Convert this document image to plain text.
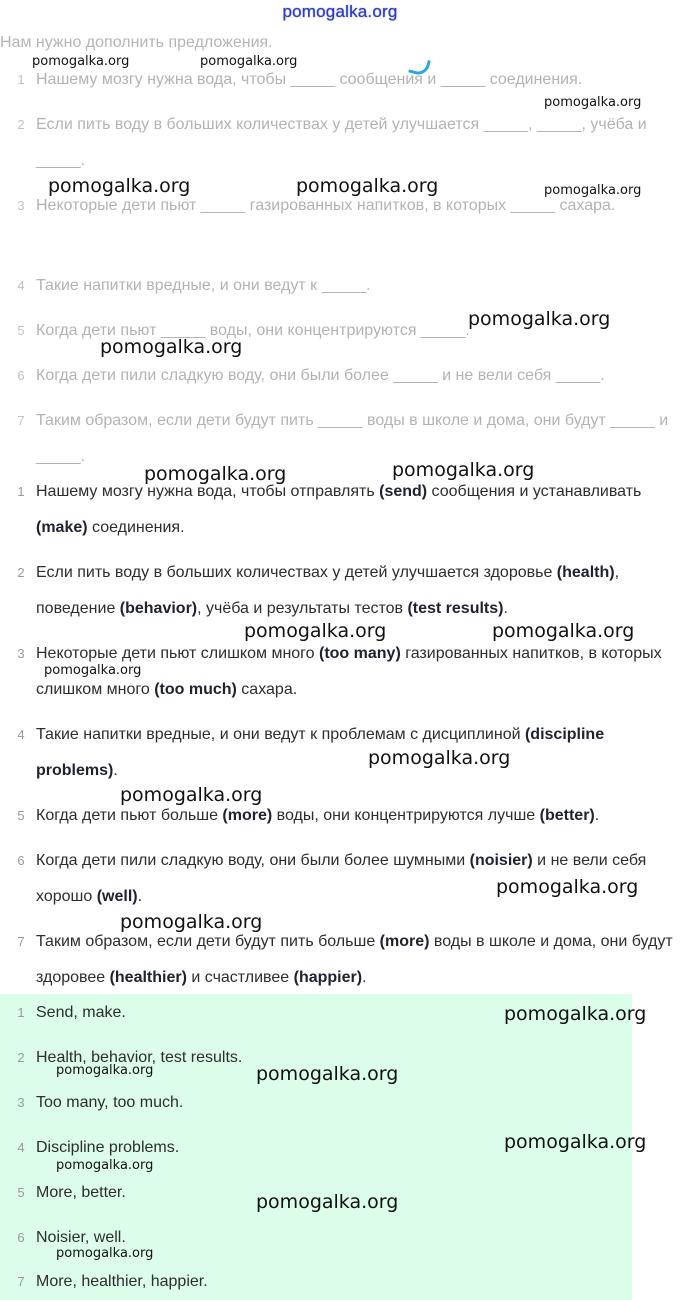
pomogalka.org
Нам нужно дополнить предложения.
1 Нашему мозгу нужна вода, чтобы _____ сообщения и _____ соединения.
2 Если пить воду в больших количествах у детей улучшается _____, _____, учёба и _____.
3 Некоторые дети пьют _____ газированных напитков, в которых _____ сахара.
4 Такие напитки вредные, и они ведут к _____.
5 Когда дети пьют _____ воды, они концентрируются _____.
6 Когда дети пили сладкую воду, они были более _____ и не вели себя _____.
7 Таким образом, если дети будут пить _____ воды в школе и дома, они будут _____ и _____.
1 Нашему мозгу нужна вода, чтобы отправлять (send) сообщения и устанавливать (make) соединения.
2 Если пить воду в больших количествах у детей улучшается здоровье (health), поведение (behavior), учёба и результаты тестов (test results).
3 Некоторые дети пьют слишком много (too many) газированных напитков, в которых слишком много (too much) сахара.
4 Такие напитки вредные, и они ведут к проблемам с дисциплиной (discipline problems).
5 Когда дети пьют больше (more) воды, они концентрируются лучше (better).
6 Когда дети пили сладкую воду, они были более шумными (noisier) и не вели себя хорошо (well).
7 Таким образом, если дети будут пить больше (more) воды в школе и дома, они будут здоровее (healthier) и счастливее (happier).
1 Send, make.
2 Health, behavior, test results.
3 Too many, too much.
4 Discipline problems.
5 More, better.
6 Noisier, well.
7 More, healthier, happier.
pomogalka.org	pomogalka.org
pomogalka.org
pomogalka.org	pomogalka.org	pomogalka.org
pomogalka.org
pomogalka.org
pomogalka.org	pomogalka.org
pomogalka.org	pomogalka.org
pomogalka.org
pomogalka.org
pomogalka.org
pomogalka.org
pomogalka.org
pomogalka.org
pomogalka.org	pomogalka.org
pomogalka.org
pomogalka.org
pomogalka.org
pomogalka.org
